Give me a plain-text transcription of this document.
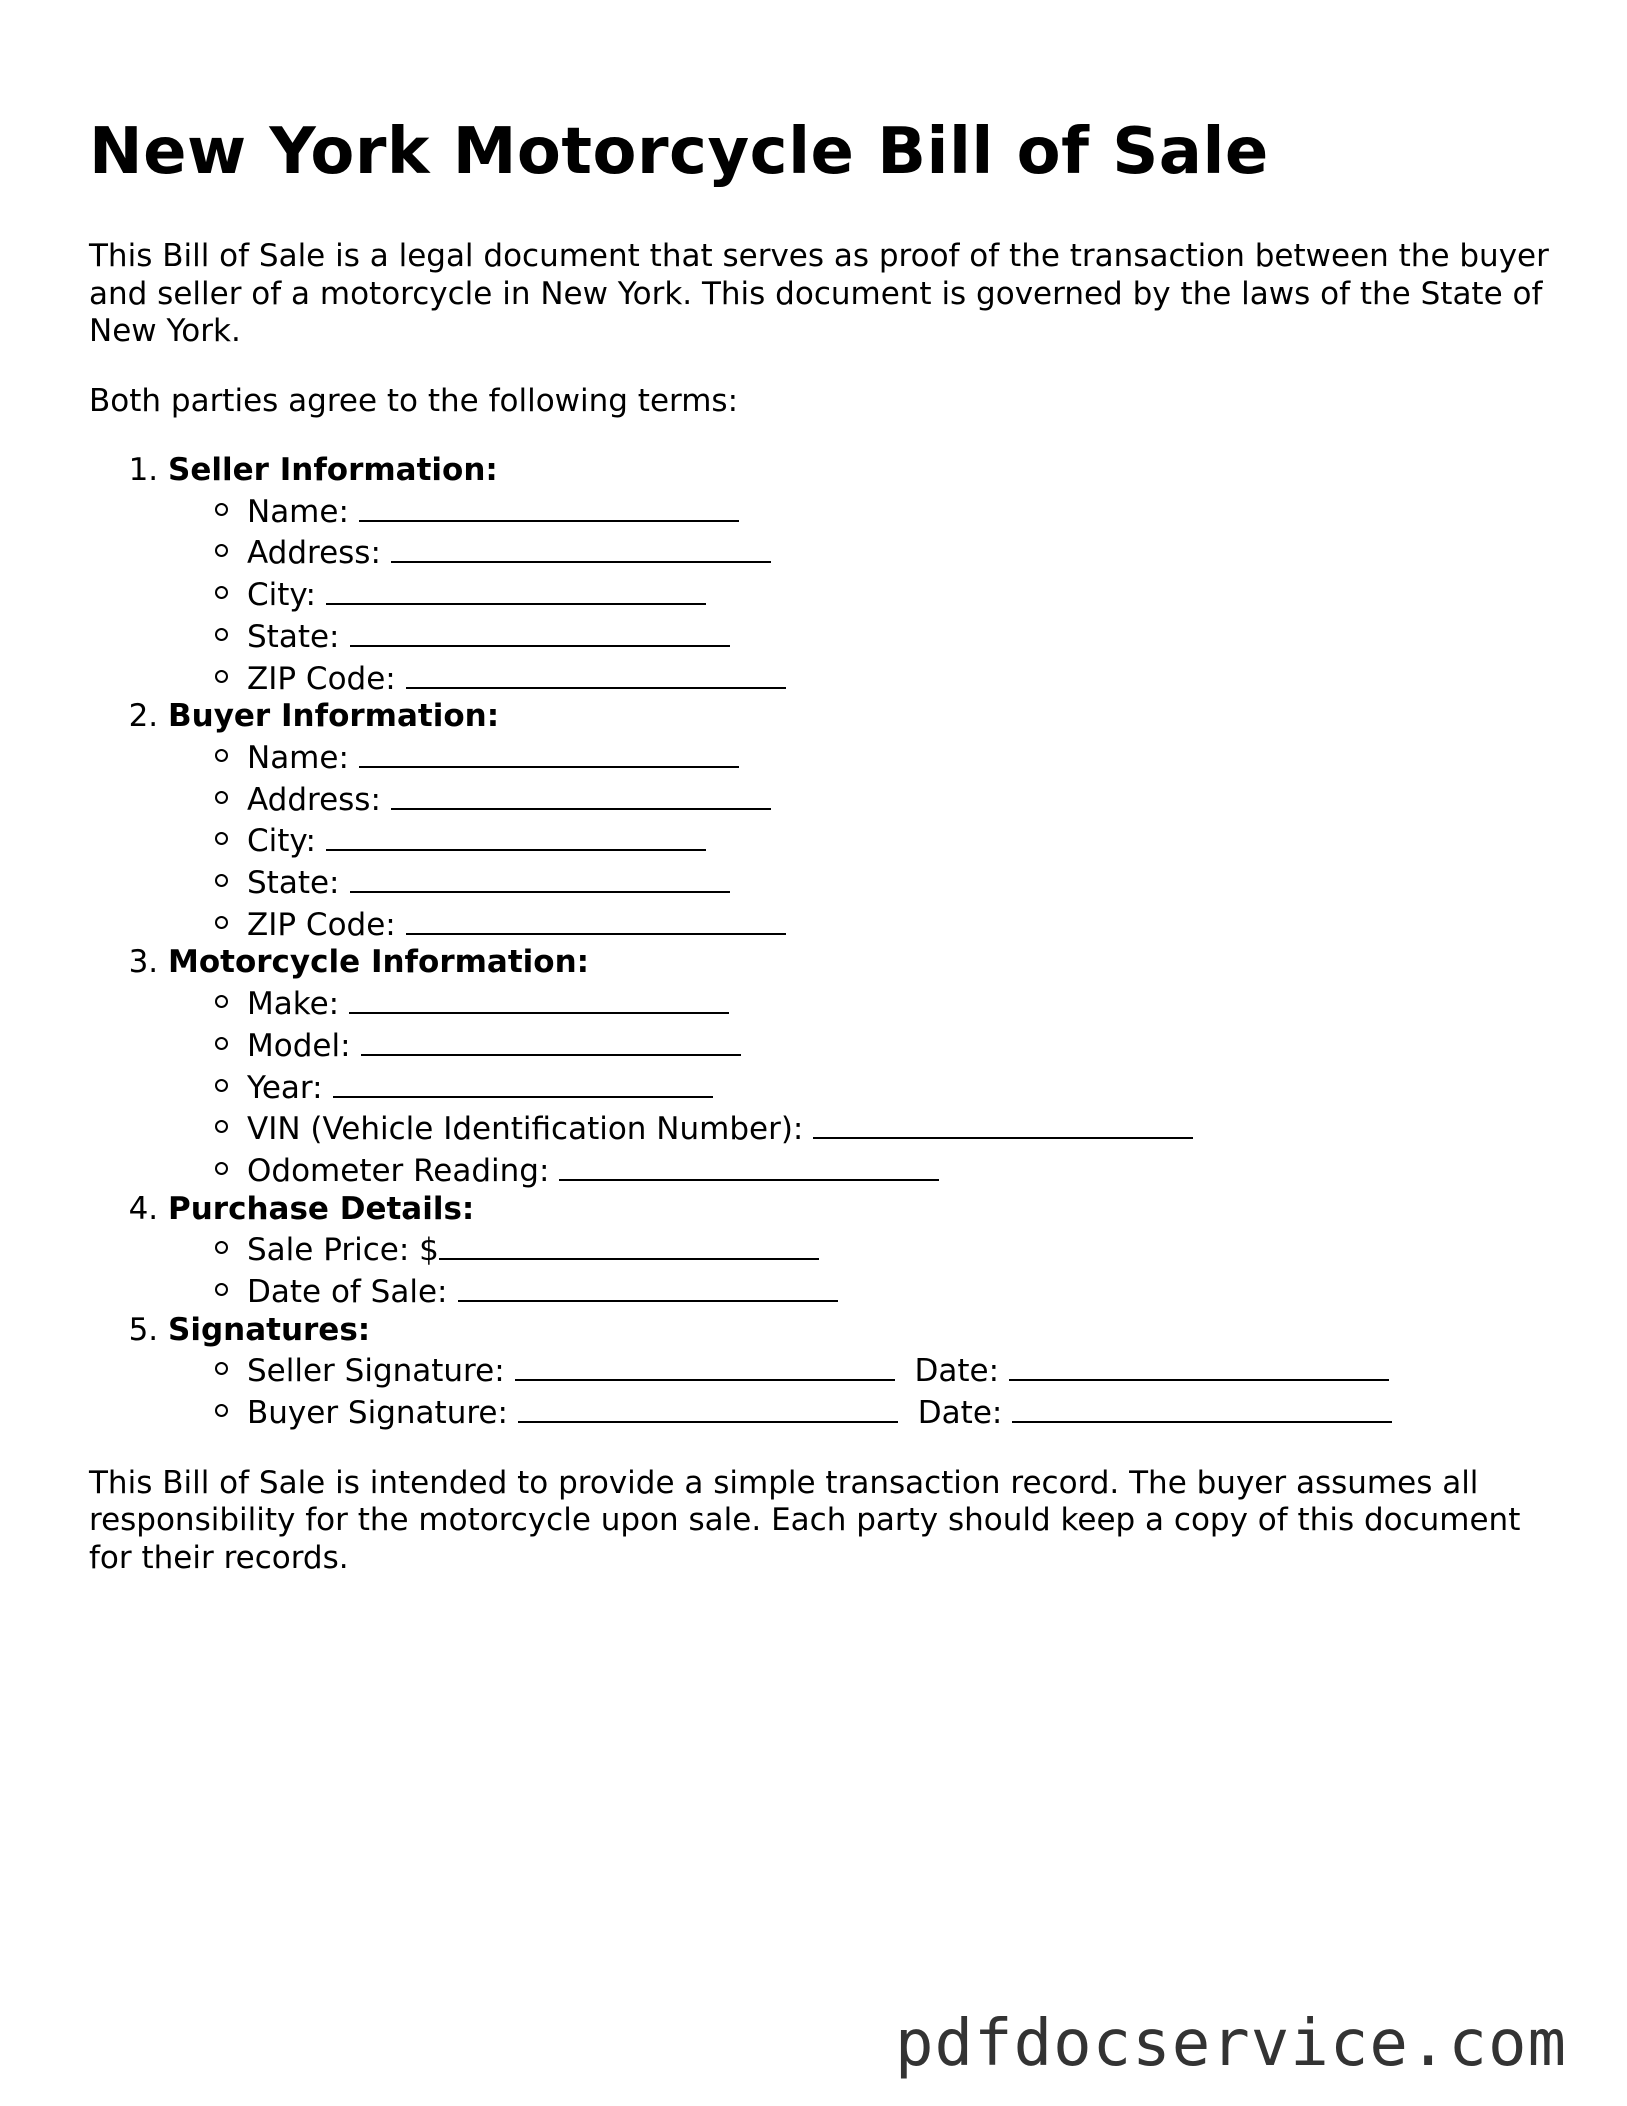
New York Motorcycle Bill of Sale

This Bill of Sale is a legal document that serves as proof of the transaction between the buyer and seller of a motorcycle in New York. This document is governed by the laws of the State of New York.

Both parties agree to the following terms:

1. Seller Information:
Name:
Address:
City:
State:
ZIP Code:
2. Buyer Information:
Name:
Address:
City:
State:
ZIP Code:
3. Motorcycle Information:
Make:
Model:
Year:
VIN (Vehicle Identification Number):
Odometer Reading:
4. Purchase Details:
Sale Price: $
Date of Sale:
5. Signatures:
Seller Signature:	Date:
Buyer Signature:	Date:

This Bill of Sale is intended to provide a simple transaction record. The buyer assumes all responsibility for the motorcycle upon sale. Each party should keep a copy of this document for their records.

pdfdocservice.com
